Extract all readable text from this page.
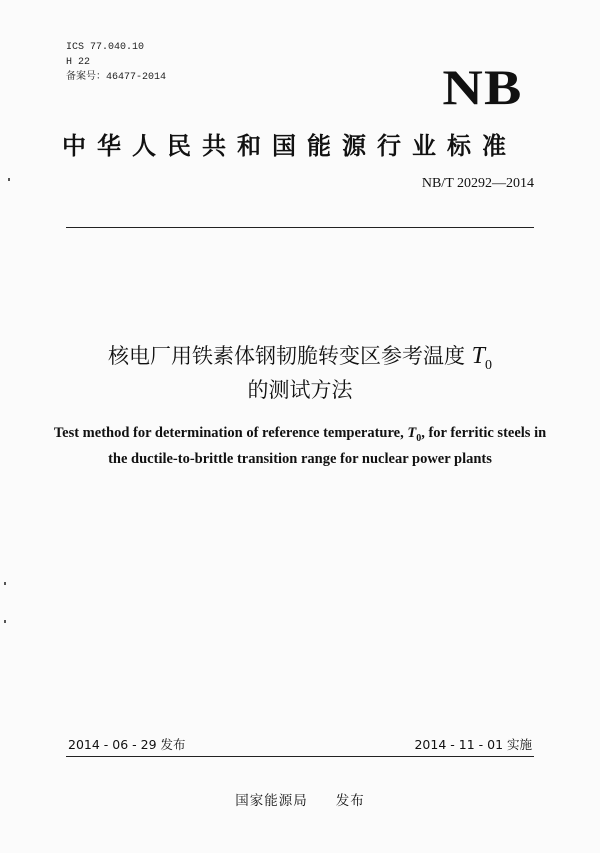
ICS 77.040.10
H 22
备案号：46477-2014	NB
中华人民共和国能源行业标准
NB/T 20292—2014
核电厂用铁素体钢韧脆转变区参考温度 $T_0$
的测试方法
Test method for determination of reference temperature, $T_0$, for ferritic steels in
the ductile-to-brittle transition range for nuclear power plants
2014 - 06 - 29 发布	2014 - 11 - 01 实施
国家能源局 发布
